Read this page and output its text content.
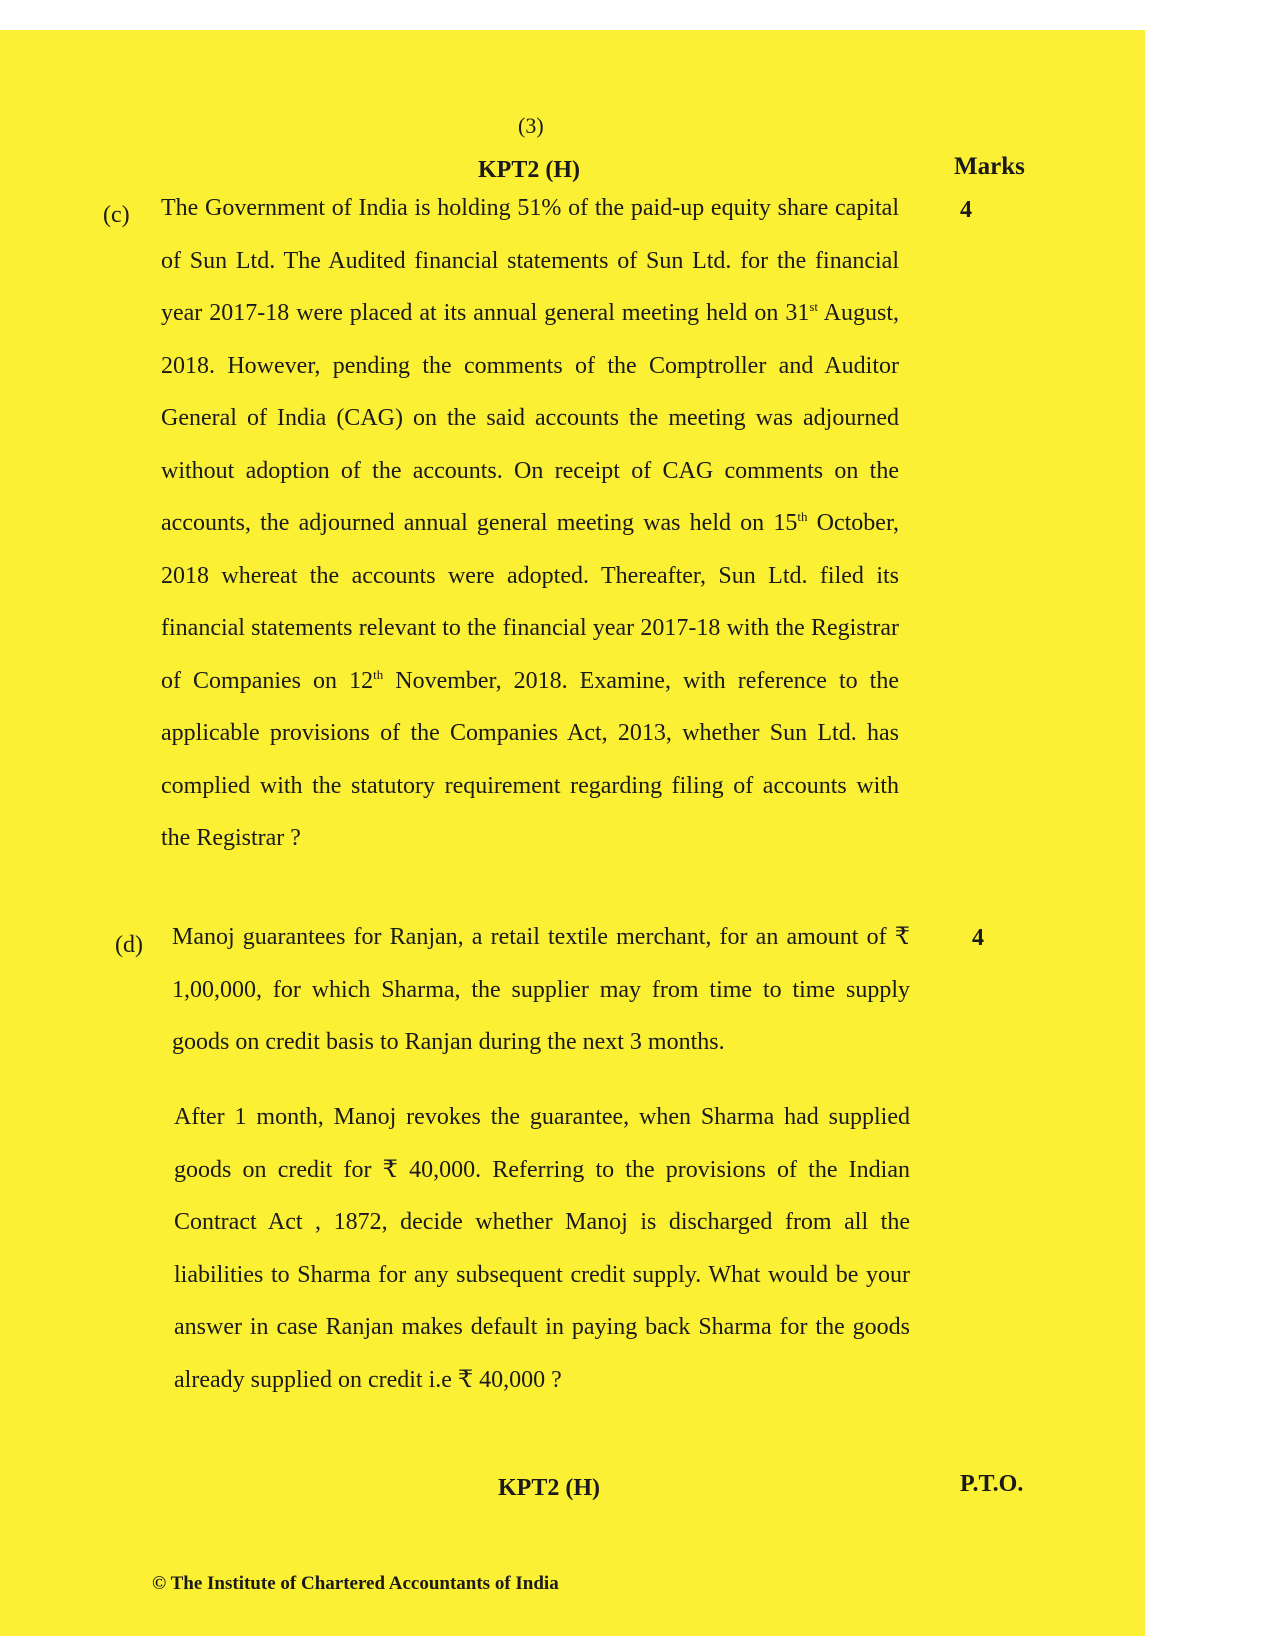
(3)
KPT2 (H)	Marks
(c)	4

The Government of India is holding 51% of the paid-up equity share capital of Sun Ltd. The Audited financial statements of Sun Ltd. for the financial year 2017-18 were placed at its annual general meeting held on 31st August, 2018. However, pending the comments of the Comptroller and Auditor General of India (CAG) on the said accounts the meeting was adjourned without adoption of the accounts. On receipt of CAG comments on the accounts, the adjourned annual general meeting was held on 15th October, 2018 whereat the accounts were adopted. Thereafter, Sun Ltd. filed its financial statements relevant to the financial year 2017-18 with the Registrar of Companies on 12th November, 2018. Examine, with reference to the applicable provisions of the Companies Act, 2013, whether Sun Ltd. has complied with the statutory requirement regarding filing of accounts with the Registrar ?

(d)	4

Manoj guarantees for Ranjan, a retail textile merchant, for an amount of ₹ 1,00,000, for which Sharma, the supplier may from time to time supply goods on credit basis to Ranjan during the next 3 months.

After 1 month, Manoj revokes the guarantee, when Sharma had supplied goods on credit for ₹ 40,000. Referring to the provisions of the Indian Contract Act , 1872, decide whether Manoj is discharged from all the liabilities to Sharma for any subsequent credit supply. What would be your answer in case Ranjan makes default in paying back Sharma for the goods already supplied on credit i.e ₹ 40,000 ?

KPT2 (H)	P.T.O.
© The Institute of Chartered Accountants of India
